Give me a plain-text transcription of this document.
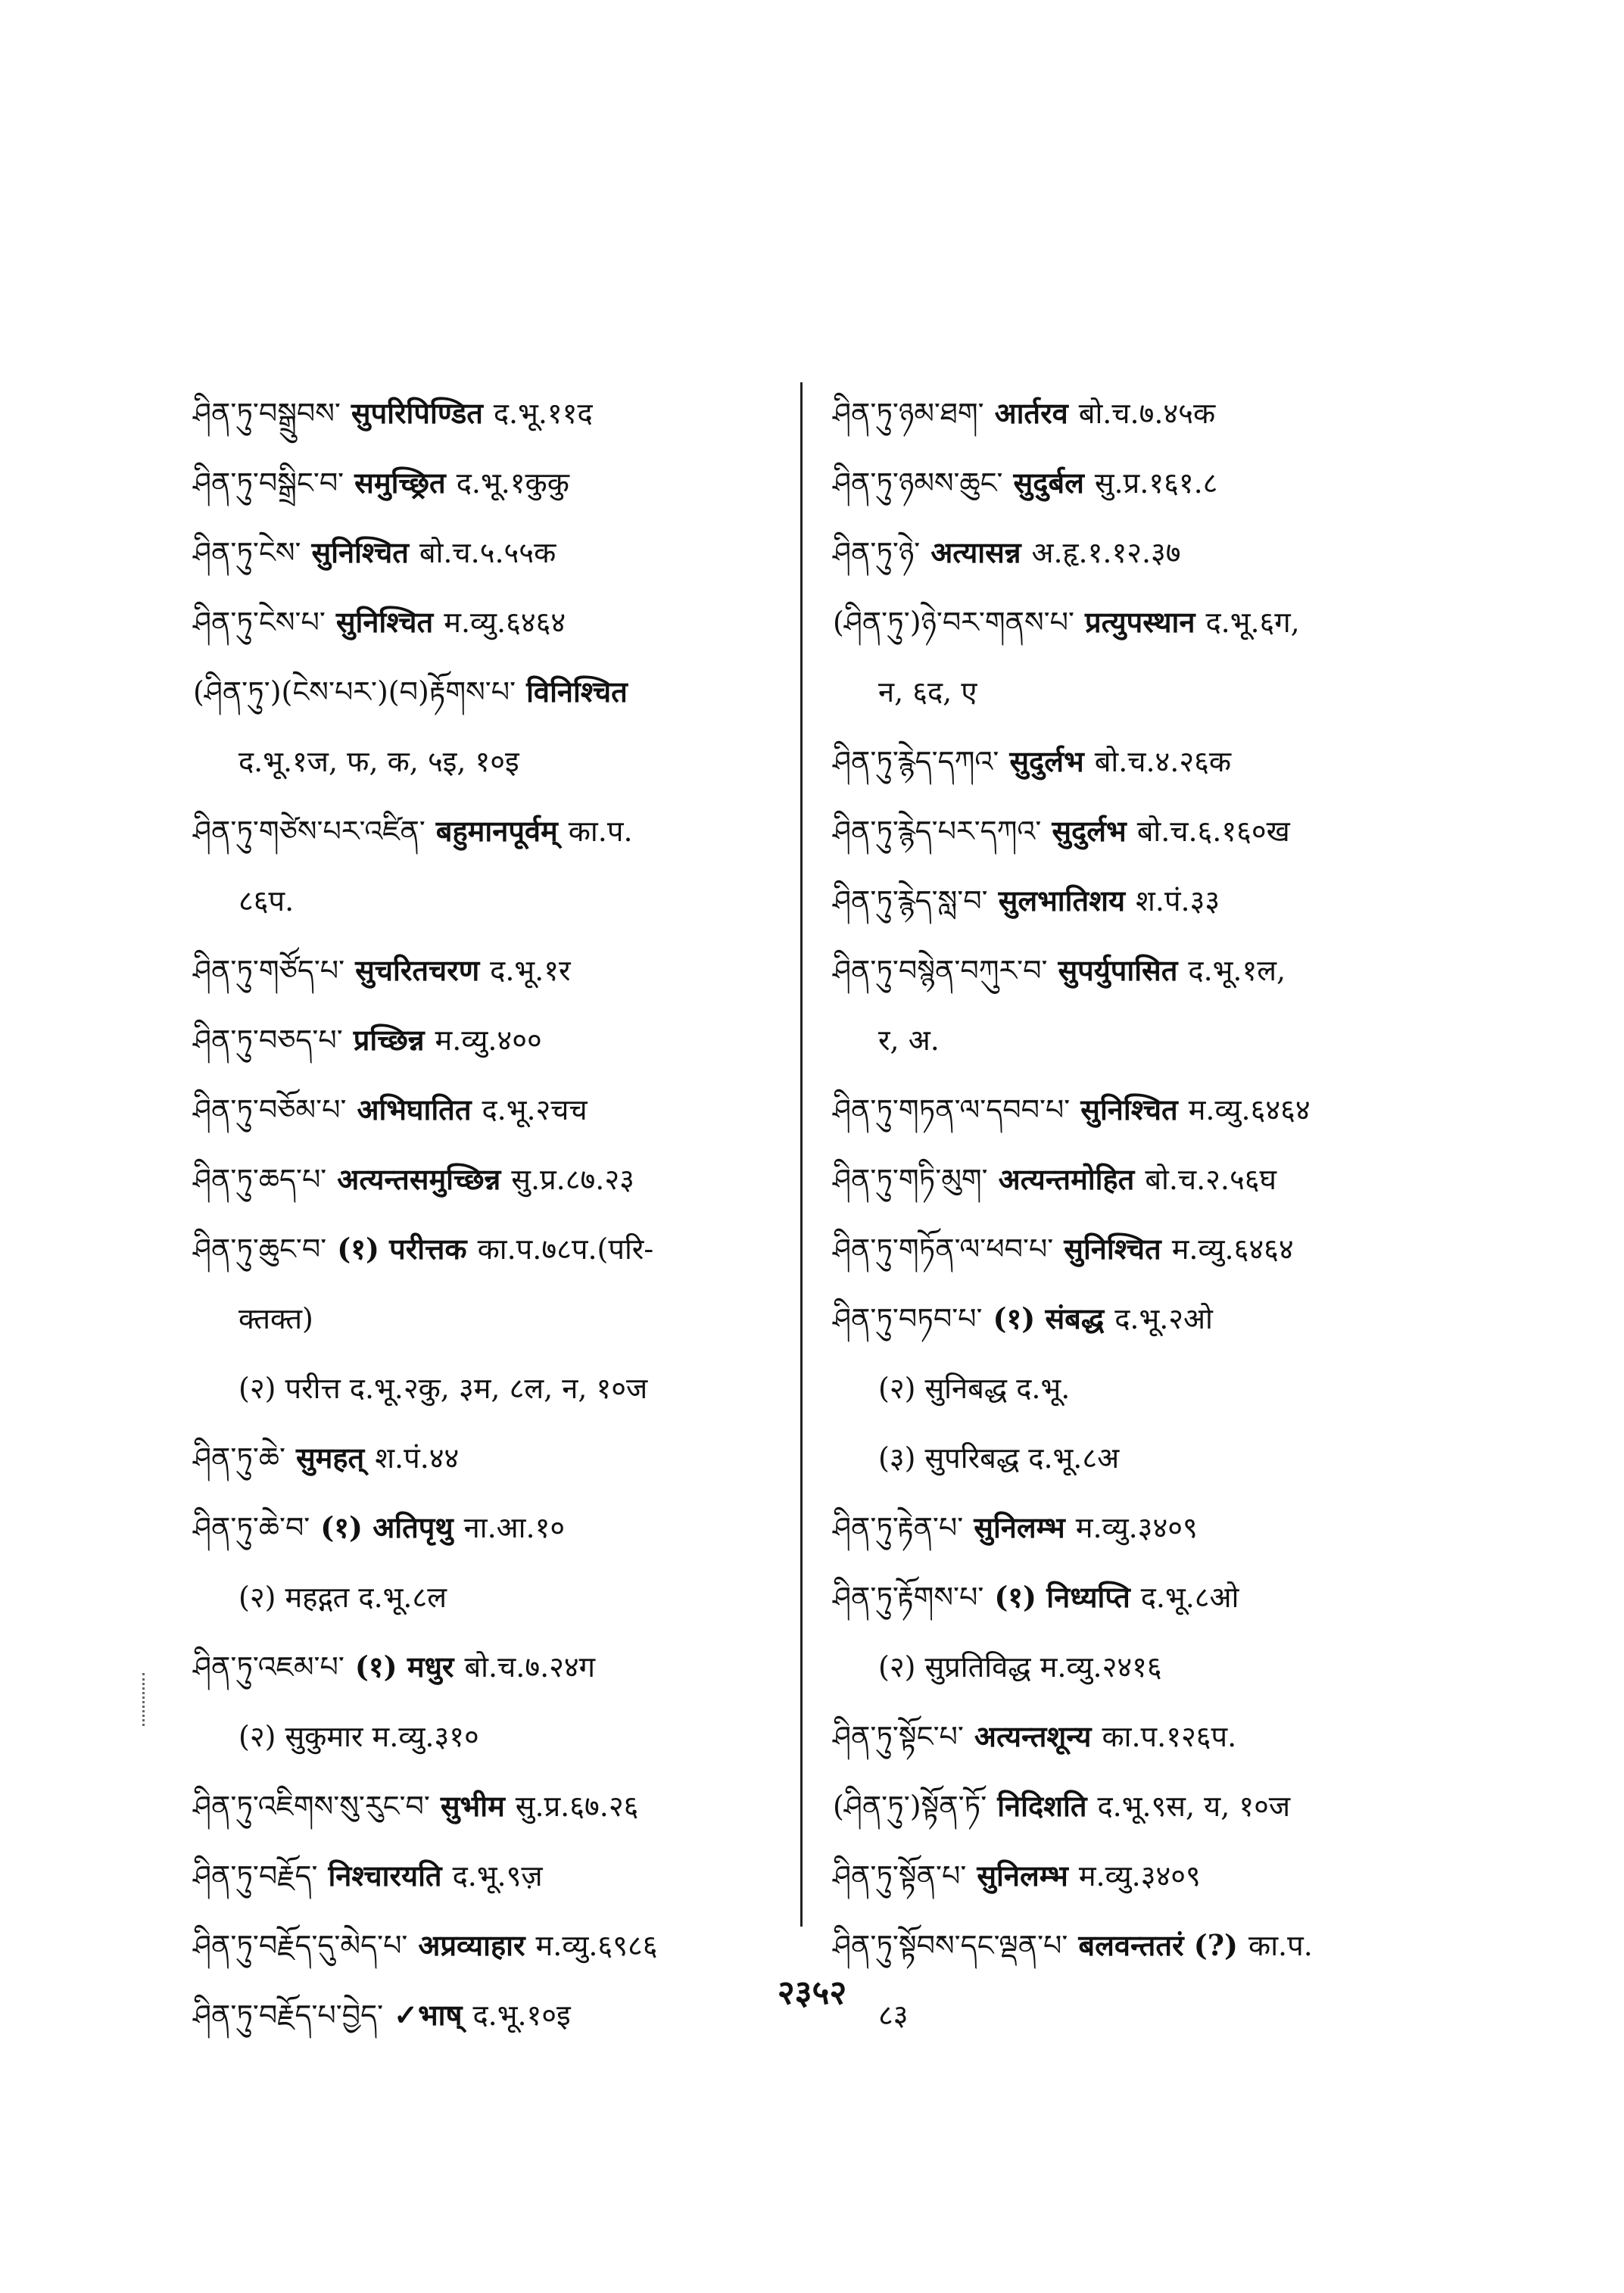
ཤིན་ཏུ་བསྒྲུབས་ सुपरिपिण्डित द.भू.११द
ཤིན་ཏུ་བསྒྲིང་བ་ समुच्छ्रित द.भू.१कुकु
ཤིན་ཏུ་ངེས་ सुनिश्चित बो.च.५.५५क
ཤིན་ཏུ་ངེས་པ་ सुनिश्चित म.व्यु.६४६४
(ཤིན་ཏུ་)(ངེས་པར་)(བ)རྟོགས་པ་ विनिश्चित
द.भू.१ज, फ, क, ५इ, १०इ
ཤིན་ཏུ་གཙེས་པར་འཛིན་ बहुमानपूर्वम् का.प.
८६प.
ཤིན་ཏུ་གཙོད་པ་ सुचरितचरण द.भू.१र
ཤིན་ཏུ་བཅད་པ་ प्रच्छिन्न म.व्यु.४००
ཤིན་ཏུ་བཅོམ་པ་ अभिघातित द.भू.२चच
ཤིན་ཏུ་ཆད་པ་ अत्यन्तसमुच्छिन्न सु.प्र.८७.२३
ཤིན་ཏུ་ཆུང་བ་ (१) परीत्तक का.प.७८प.(परि-
क्तक्त)
(२) परीत्त द.भू.२कु, ३म, ८ल, न, १०ज
ཤིན་ཏུ་ཆེ་ सुमहत् श.पं.४४
ཤིན་ཏུ་ཆེ་བ་ (१) अतिपृथु ना.आ.१०
(२) महद्गत द.भू.८ल
ཤིན་ཏུ་འཇམ་པ་ (१) मधुर बो.च.७.२४ग
(२) सुकुमार म.व्यु.३१०
ཤིན་ཏུ་འཇིགས་སུ་རུང་བ་ सुभीम सु.प्र.६७.२६
ཤིན་ཏུ་བརྗོད་ निश्चारयति द.भू.९ज़
ཤིན་ཏུ་བརྗོད་དུ་མེད་པ་ अप्रव्याहार म.व्यु.६९८६
ཤིན་ཏུ་བརྗོད་པ་བྱེད་ ✓भाष् द.भू.१०इ
ཤིན་ཏུ་ཉམ་ཐག་ आर्तरव बो.च.७.४५क
ཤིན་ཏུ་ཉམས་ཆུང་ सुदुर्बल सु.प्र.१६१.८
ཤིན་ཏུ་ཉེ་ अत्यासन्न अ.हृ.१.१२.३७
(ཤིན་ཏུ་)ཉེ་བར་གནས་པ་ प्रत्युपस्थान द.भू.६ग,
न, ६द, ए
ཤིན་ཏུ་རྙེད་དཀའ་ सुदुर्लभ बो.च.४.२६क
ཤིན་ཏུ་རྙེད་པར་དཀའ་ सुदुर्लभ बो.च.६.१६०ख
ཤིན་ཏུ་རྙེད་སླ་བ་ सुलभातिशय श.पं.३३
ཤིན་ཏུ་བསྙེན་བཀུར་བ་ सुपर्युपासित द.भू.१ल,
र, अ.
ཤིན་ཏུ་གཏན་ལ་དབབ་པ་ सुनिश्चित म.व्यु.६४६४
ཤིན་ཏུ་གཏི་མུག་ अत्यन्तमोहित बो.च.२.५६घ
ཤིན་ཏུ་གཏོན་ལ་ཕབ་པ་ सुनिश्चित म.व्यु.६४६४
ཤིན་ཏུ་བཏབ་པ་ (१) संबद्ध द.भू.२ओ
(२) सुनिबद्ध द.भू.
(३) सुपरिबद्ध द.भू.८अ
ཤིན་ཏུ་རྟེན་པ་ सुनिलम्भ म.व्यु.३४०९
ཤིན་ཏུ་རྟོགས་པ་ (१) निध्यप्ति द.भू.८ओ
(२) सुप्रतिविद्ध म.व्यु.२४१६
ཤིན་ཏུ་སྟོང་པ་ अत्यन्तशून्य का.प.१२६प.
(ཤིན་ཏུ་)སྟོན་ཏོ་ निदिशति द.भू.९स, य, १०ज
ཤིན་ཏུ་སྟོན་པ་ सुनिलम्भ म.व्यु.३४०९
ཤིན་ཏུ་སྟོབས་དང་ལྡན་པ་ बलवन्ततरं (?) का.प.
८३
२३५२
